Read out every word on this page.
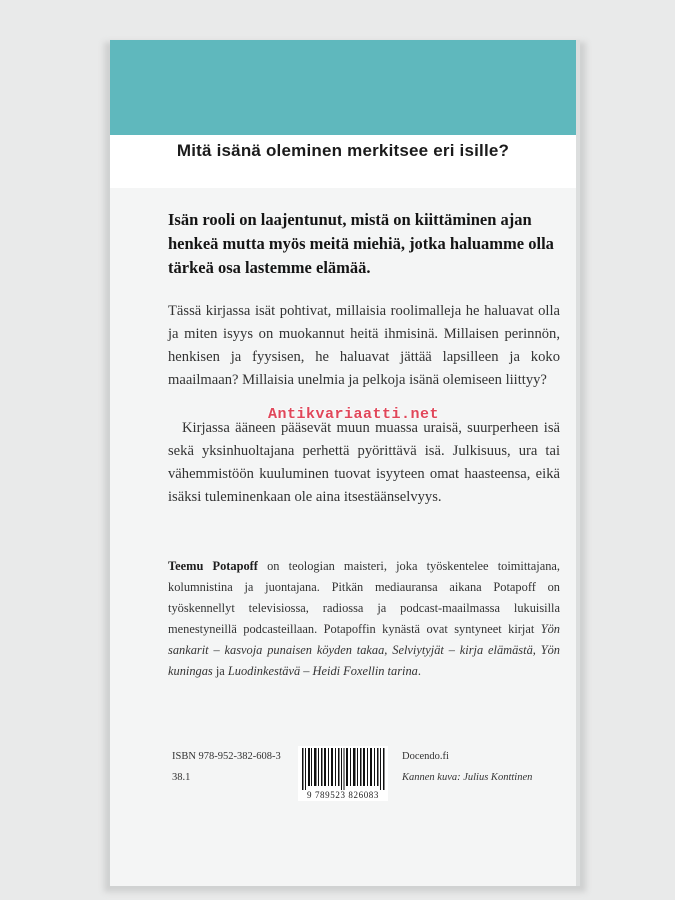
Mitä isänä oleminen merkitsee eri isille?

Isän rooli on laajentunut, mistä on kiittäminen ajan henkeä mutta myös meitä miehiä, jotka haluamme olla tärkeä osa lastemme elämää.

Tässä kirjassa isät pohtivat, millaisia roolimalleja he haluavat olla ja miten isyys on muokannut heitä ihmisinä. Millaisen perinnön, henkisen ja fyysisen, he haluavat jättää lapsilleen ja koko maailmaan? Millaisia unelmia ja pelkoja isänä olemiseen liittyy?

Kirjassa ääneen pääsevät muun muassa uraisä, suurperheen isä sekä yksinhuoltajana perhettä pyörittävä isä. Julkisuus, ura tai vähemmistöön kuuluminen tuovat isyyteen omat haasteensa, eikä isäksi tuleminenkaan ole aina itsestäänselvyys.

Antikvariaatti.net

Teemu Potapoff on teologian maisteri, joka työskentelee toimittajana, kolumnistina ja juontajana. Pitkän mediauransa aikana Potapoff on työskennellyt televisiossa, radiossa ja podcast-maailmassa lukuisilla menestyneillä podcasteillaan. Potapoffin kynästä ovat syntyneet kirjat Yön sankarit – kasvoja punaisen köyden takaa, Selviytyjät – kirja elämästä, Yön kuningas ja Luodinkestävä – Heidi Foxellin tarina.

ISBN 978-952-382-608-3
38.1
9 789523 826083
Docendo.fi
Kannen kuva: Julius Konttinen
